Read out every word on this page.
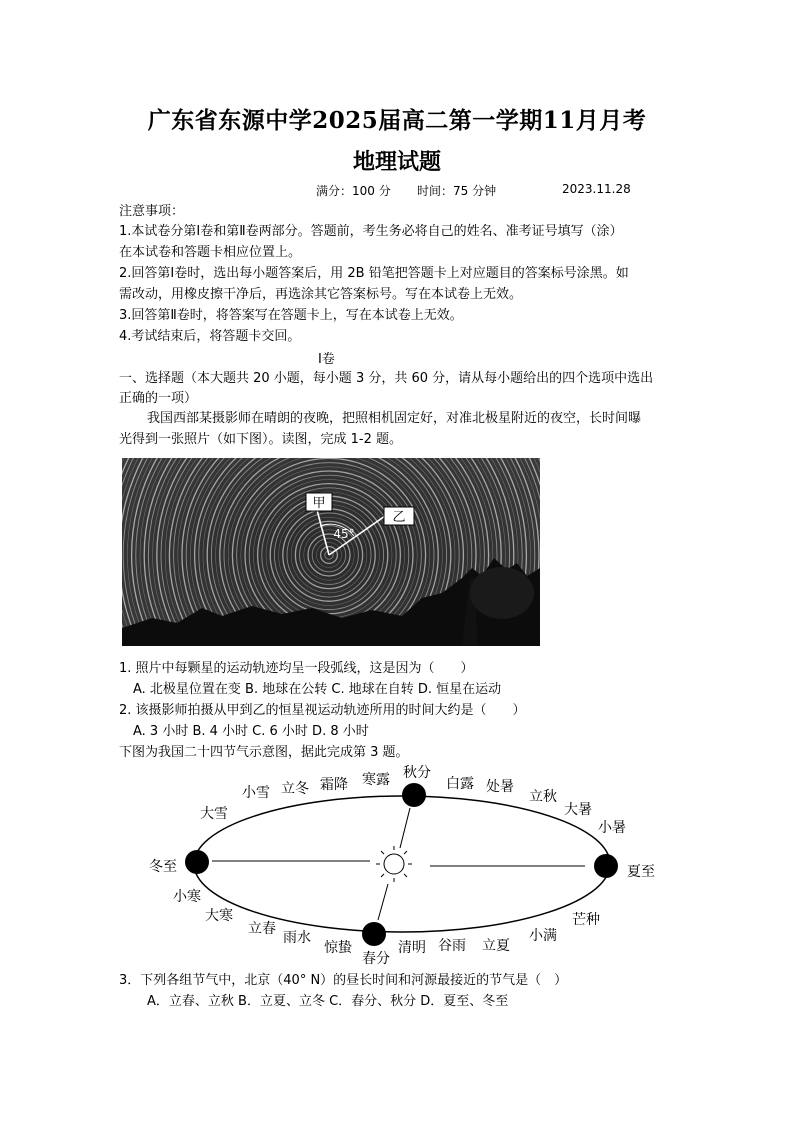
广东省东源中学2025届高二第一学期11月月考
地理试题
满分：100 分 时间：75 分钟	2023.11.28
注意事项：
1.本试卷分第Ⅰ卷和第Ⅱ卷两部分。答题前，考生务必将自己的姓名、准考证号填写（涂）
在本试卷和答题卡相应位置上。
2.回答第Ⅰ卷时，选出每小题答案后，用 2B 铅笔把答题卡上对应题目的答案标号涂黑。如
需改动，用橡皮擦干净后，再选涂其它答案标号。写在本试卷上无效。
3.回答第Ⅱ卷时，将答案写在答题卡上，写在本试卷上无效。
4.考试结束后，将答题卡交回。
Ⅰ卷
一、选择题（本大题共 20 小题，每小题 3 分，共 60 分，请从每小题给出的四个选项中选出
正确的一项）
我国西部某摄影师在晴朗的夜晚，把照相机固定好，对准北极星附近的夜空，长时间曝
光得到一张照片（如下图）。读图，完成 1-2 题。
甲
乙
45°
1. 照片中每颗星的运动轨迹均呈一段弧线，这是因为（　　）
A. 北极星位置在变 B. 地球在公转 C. 地球在自转 D. 恒星在运动
2. 该摄影师拍摄从甲到乙的恒星视运动轨迹所用的时间大约是（　　）
A. 3 小时 B. 4 小时 C. 6 小时 D. 8 小时
下图为我国二十四节气示意图，据此完成第 3 题。
冬至	夏至
秋分
春分
小雪 立冬 霜降 寒露	白露 处暑
立秋
大暑
小暑
大雪
小寒
大寒
立春
雨水
惊蛰	清明 谷雨 立夏
小满
芒种
3．下列各组节气中，北京（40° N）的昼长时间和河源最接近的节气是（　）
A．立春、立秋 B．立夏、立冬 C．春分、秋分 D．夏至、冬至
